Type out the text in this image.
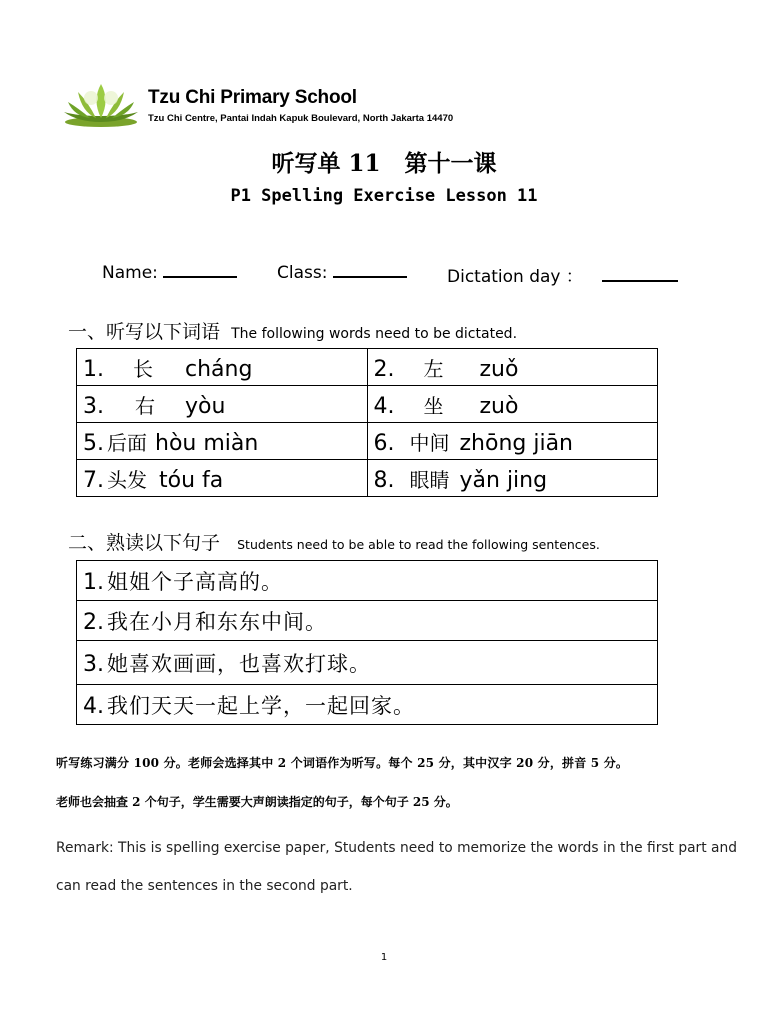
Tzu Chi Primary School
Tzu Chi Centre, Pantai Indah Kapuk Boulevard, North Jakarta 14470
听写单 11   第十一课
P1 Spelling Exercise Lesson 11
Name:	Class:	Dictation day ：
一、听写以下词语 The following words need to be dictated.
1. 长 cháng	2. 左 zuǒ
3. 右 yòu	4. 坐 zuò
5. 后面 hòu miàn	6. 中间 zhōng jiān
7. 头发 tóu fa	8. 眼睛 yǎn jing
二、熟读以下句子 Students need to be able to read the following sentences.
1. 姐姐个子高高的。
2. 我在小月和东东中间。
3. 她喜欢画画，也喜欢打球。
4. 我们天天一起上学，一起回家。
听写练习满分 100 分。老师会选择其中 2 个词语作为听写。每个 25 分，其中汉字 20 分，拼音 5 分。
老师也会抽查 2 个句子，学生需要大声朗读指定的句子，每个句子 25 分。
Remark: This is spelling exercise paper, Students need to memorize the words in the first part and can read the sentences in the second part.
1
